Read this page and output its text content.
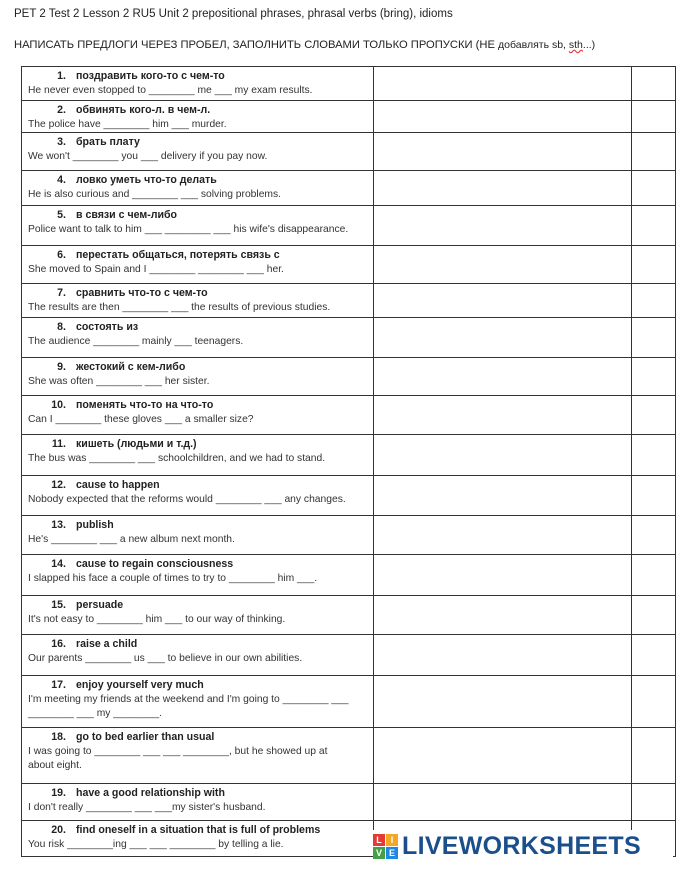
PET 2 Test 2 Lesson 2 RU5 Unit 2 prepositional phrases, phrasal verbs (bring), idioms
НАПИСАТЬ ПРЕДЛОГИ ЧЕРЕЗ ПРОБЕЛ, ЗАПОЛНИТЬ СЛОВАМИ ТОЛЬКО ПРОПУСКИ (НЕ добавлять sb, sth...)
1. поздравить кого-то с чем-то
He never even stopped to ________ me ___ my exam results.		

2. обвинять кого-л. в чем-л.
The police have ________ him ___ murder.		

3. брать плату
We won't ________ you ___ delivery if you pay now.		

4. ловко уметь что-то делать
He is also curious and ________ ___ solving problems.		

5. в связи с чем-либо
Police want to talk to him ___ ________ ___ his wife's disappearance.		

6. перестать общаться, потерять связь с
She moved to Spain and I ________ ________ ___ her.		

7. сравнить что-то с чем-то
The results are then ________ ___ the results of previous studies.		

8. состоять из
The audience ________ mainly ___ teenagers.		

9. жестокий с кем-либо
She was often ________ ___ her sister.		

10. поменять что-то на что-то
Can I ________ these gloves ___ a smaller size?		

11. кишеть (людьми и т.д.)
The bus was ________ ___ schoolchildren, and we had to stand.		

12. cause to happen
Nobody expected that the reforms would ________ ___ any changes.		

13. publish
He's ________ ___ a new album next month.		

14. cause to regain consciousness
I slapped his face a couple of times to try to ________ him ___.		

15. persuade
It's not easy to ________ him ___ to our way of thinking.		

16. raise a child
Our parents ________ us ___ to believe in our own abilities.		

17. enjoy yourself very much
I'm meeting my friends at the weekend and I'm going to ________ ___
________ ___ my ________.		

18. go to bed earlier than usual
I was going to ________ ___ ___ ________, but he showed up at
about eight.		

19. have a good relationship with
I don't really ________ ___ ___my sister's husband.		

20. find oneself in a situation that is full of problems
You risk ________ing ___ ___ ________ by telling a lie.		
			L I
V E LIVEWORKSHEETS
